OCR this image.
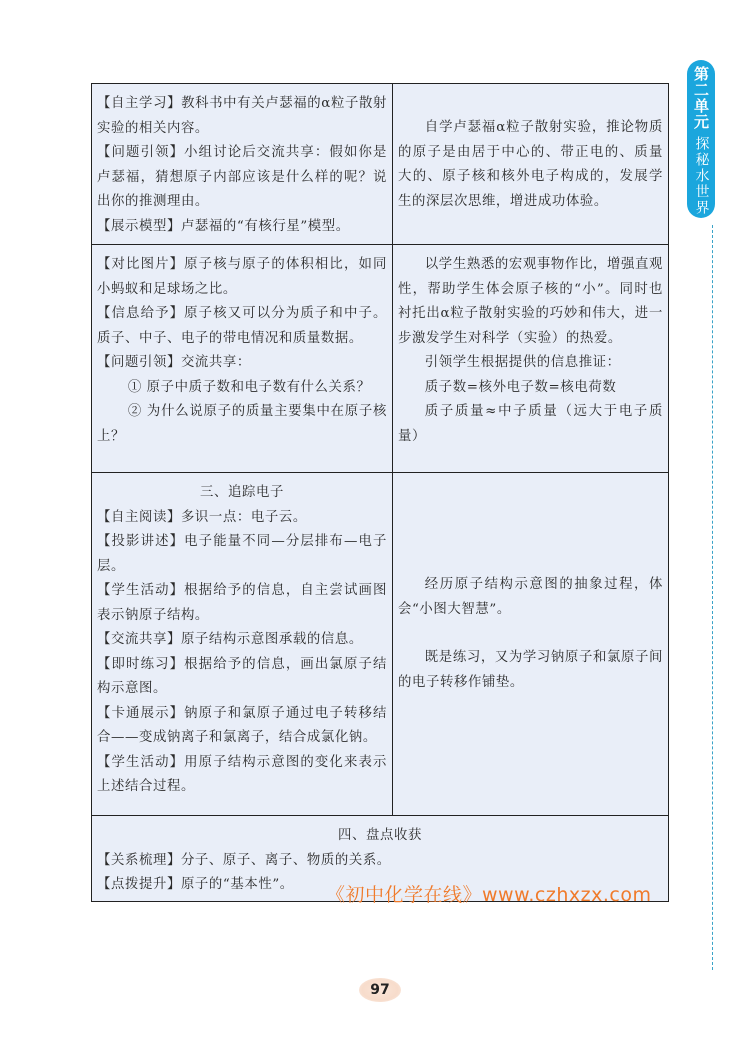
第二单元
探秘水世界

【自主学习】教科书中有关卢瑟福的α粒子散射实验的相关内容。

【问题引领】小组讨论后交流共享：假如你是卢瑟福，猜想原子内部应该是什么样的呢？说出你的推测理由。

【展示模型】卢瑟福的“有核行星”模型。

自学卢瑟福α粒子散射实验，推论物质的原子是由居于中心的、带正电的、质量大的、原子核和核外电子构成的，发展学生的深层次思维，增进成功体验。

【对比图片】原子核与原子的体积相比，如同小蚂蚁和足球场之比。

【信息给予】原子核又可以分为质子和中子。质子、中子、电子的带电情况和质量数据。

【问题引领】交流共享：

① 原子中质子数和电子数有什么关系？

② 为什么说原子的质量主要集中在原子核上？

以学生熟悉的宏观事物作比，增强直观性，帮助学生体会原子核的“小”。同时也衬托出α粒子散射实验的巧妙和伟大，进一步激发学生对科学（实验）的热爱。

引领学生根据提供的信息推证：

质子数=核外电子数=核电荷数

质子质量≈中子质量（远大于电子质量）

三、追踪电子

【自主阅读】多识一点：电子云。

【投影讲述】电子能量不同—分层排布—电子层。

【学生活动】根据给予的信息，自主尝试画图表示钠原子结构。

【交流共享】原子结构示意图承载的信息。

【即时练习】根据给予的信息，画出氯原子结构示意图。

【卡通展示】钠原子和氯原子通过电子转移结合——变成钠离子和氯离子，结合成氯化钠。

【学生活动】用原子结构示意图的变化来表示上述结合过程。

经历原子结构示意图的抽象过程，体会“小图大智慧”。

既是练习，又为学习钠原子和氯原子间的电子转移作铺垫。

四、盘点收获

【关系梳理】分子、原子、离子、物质的关系。

【点拨提升】原子的“基本性”。	《初中化学在线》www.czhxzx.com
97
